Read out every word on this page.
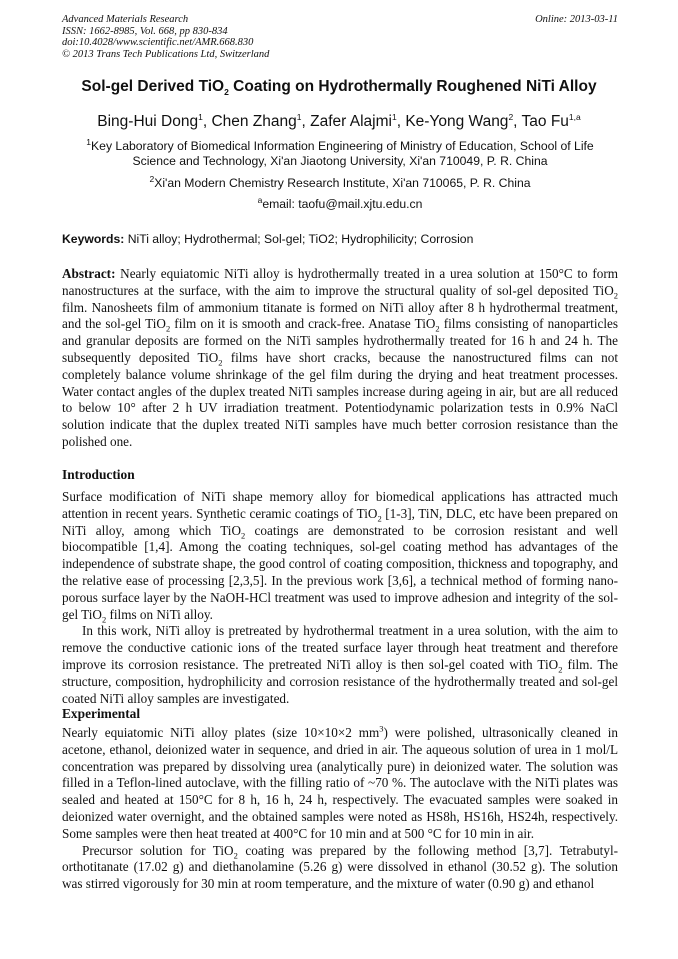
Advanced Materials Research
ISSN: 1662-8985, Vol. 668, pp 830-834
doi:10.4028/www.scientific.net/AMR.668.830
© 2013 Trans Tech Publications Ltd, Switzerland
Online: 2013-03-11
Sol-gel Derived TiO$_2$ Coating on Hydrothermally Roughened NiTi Alloy
Bing-Hui Dong$^1$, Chen Zhang$^1$, Zafer Alajmi$^1$, Ke-Yong Wang$^2$, Tao Fu$^{1,a}$
$^1$Key Laboratory of Biomedical Information Engineering of Ministry of Education, School of Life
Science and Technology, Xi'an Jiaotong University, Xi'an 710049, P. R. China
$^2$Xi'an Modern Chemistry Research Institute, Xi'an 710065, P. R. China
$^a$email: taofu@mail.xjtu.edu.cn
Keywords: NiTi alloy; Hydrothermal; Sol-gel; TiO2; Hydrophilicity; Corrosion

Abstract: Nearly equiatomic NiTi alloy is hydrothermally treated in a urea solution at 150°C to form nanostructures at the surface, with the aim to improve the structural quality of sol-gel deposited TiO$_2$ film. Nanosheets film of ammonium titanate is formed on NiTi alloy after 8 h hydrothermal treatment, and the sol-gel TiO$_2$ film on it is smooth and crack-free. Anatase TiO$_2$ films consisting of nanoparticles and granular deposits are formed on the NiTi samples hydrothermally treated for 16 h and 24 h. The subsequently deposited TiO$_2$ films have short cracks, because the nanostructured films can not completely balance volume shrinkage of the gel film during the drying and heat treatment processes. Water contact angles of the duplex treated NiTi samples increase during ageing in air, but are all reduced to below 10° after 2 h UV irradiation treatment. Potentiodynamic polarization tests in 0.9% NaCl solution indicate that the duplex treated NiTi samples have much better corrosion resistance than the polished one.

Introduction

Surface modification of NiTi shape memory alloy for biomedical applications has attracted much attention in recent years. Synthetic ceramic coatings of TiO$_2$ [1-3], TiN, DLC, etc have been prepared on NiTi alloy, among which TiO$_2$ coatings are demonstrated to be corrosion resistant and well biocompatible [1,4]. Among the coating techniques, sol-gel coating method has advantages of the independence of substrate shape, the good control of coating composition, thickness and topography, and the relative ease of processing [2,3,5]. In the previous work [3,6], a technical method of forming nano-porous surface layer by the NaOH-HCl treatment was used to improve adhesion and integrity of the sol-gel TiO$_2$ films on NiTi alloy.

In this work, NiTi alloy is pretreated by hydrothermal treatment in a urea solution, with the aim to remove the conductive cationic ions of the treated surface layer through heat treatment and therefore improve its corrosion resistance. The pretreated NiTi alloy is then sol-gel coated with TiO$_2$ film. The structure, composition, hydrophilicity and corrosion resistance of the hydrothermally treated and sol-gel coated NiTi alloy samples are investigated.

Experimental

Nearly equiatomic NiTi alloy plates (size 10×10×2 $mm^3$) were polished, ultrasonically cleaned in acetone, ethanol, deionized water in sequence, and dried in air. The aqueous solution of urea in 1 mol/L concentration was prepared by dissolving urea (analytically pure) in deionized water. The solution was filled in a Teflon-lined autoclave, with the filling ratio of ~70 %. The autoclave with the NiTi plates was sealed and heated at 150°C for 8 h, 16 h, 24 h, respectively. The evacuated samples were soaked in deionized water overnight, and the obtained samples were noted as HS8h, HS16h, HS24h, respectively. Some samples were then heat treated at 400°C for 10 min and at 500 °C for 10 min in air.

Precursor solution for TiO$_2$ coating was prepared by the following method [3,7]. Tetrabutyl-orthotitanate (17.02 g) and diethanolamine (5.26 g) were dissolved in ethanol (30.52 g). The solution was stirred vigorously for 30 min at room temperature, and the mixture of water (0.90 g) and ethanol
